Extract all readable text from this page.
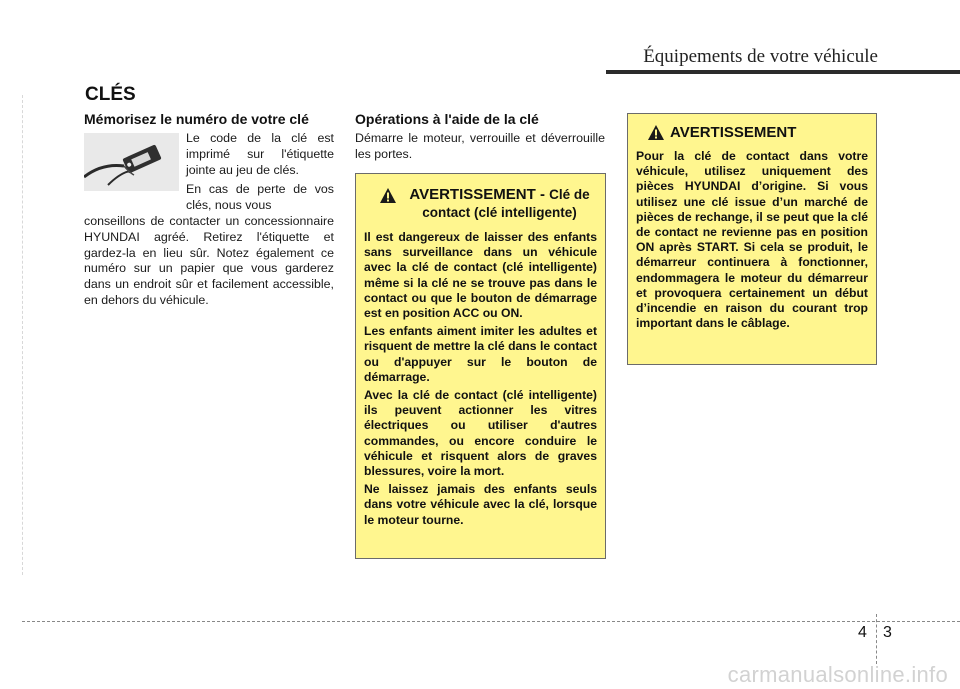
Équipements de votre véhicule
CLÉS
Mémorisez le numéro de votre clé

Le code de la clé est imprimé sur l'étiquette jointe au jeu de clés.

En cas de perte de vos clés, nous vous

conseillons de contacter un concessionnaire HYUNDAI agréé. Retirez l'étiquette et gardez-la en lieu sûr. Notez également ce numéro sur un papier que vous garderez dans un endroit sûr et facilement accessible, en dehors du véhicule.

Opérations à l'aide de la clé

Démarre le moteur, verrouille et déverrouille les portes.

AVERTISSEMENT - Clé de contact (clé intelligente)

Il est dangereux de laisser des enfants sans surveillance dans un véhicule avec la clé de contact (clé intelligente) même si la clé ne se trouve pas dans le contact ou que le bouton de démarrage est en position ACC ou ON.

Les enfants aiment imiter les adultes et risquent de mettre la clé dans le contact ou d'appuyer sur le bouton de démarrage.

Avec la clé de contact (clé intelligente) ils peuvent actionner les vitres électriques ou utiliser d'autres commandes, ou encore conduire le véhicule et risquent alors de graves blessures, voire la mort.

Ne laissez jamais des enfants seuls dans votre véhicule avec la clé, lorsque le moteur tourne.

AVERTISSEMENT

Pour la clé de contact dans votre véhicule, utilisez uniquement des pièces HYUNDAI d’origine. Si vous utilisez une clé issue d’un marché de pièces de rechange, il se peut que la clé de contact ne revienne pas en position ON après START. Si cela se produit, le démarreur continuera à fonctionner, endommagera le moteur du démarreur et provoquera certainement un début d’incendie en raison du courant trop important dans le câblage.

4 3
carmanualsonline.info
